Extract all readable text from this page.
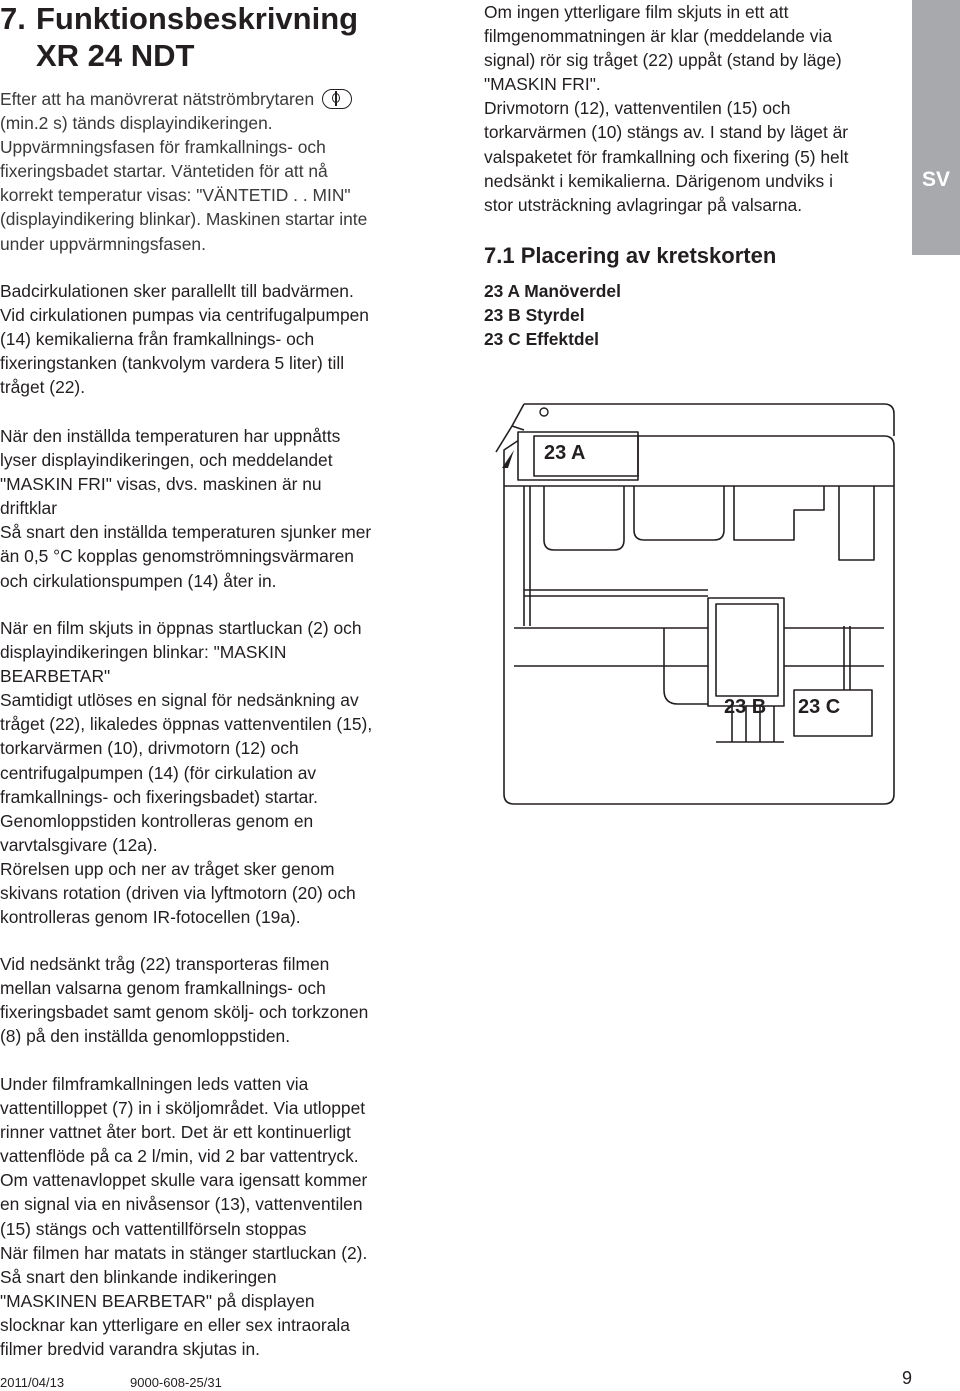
7. Funktionsbeskrivning
XR 24 NDT

Efter att ha manövrerat nätströmbrytaren
(min.2 s) tänds displayindikeringen.
Uppvärmningsfasen för framkallnings- och
fixeringsbadet startar. Väntetiden för att nå
korrekt temperatur visas: "VÄNTETID . . MIN"
(displayindikering blinkar). Maskinen startar inte
under uppvärmningsfasen.

Badcirkulationen sker parallellt till badvärmen.
Vid cirkulationen pumpas via centrifugalpumpen
(14) kemikalierna från framkallnings- och
fixeringstanken (tankvolym vardera 5 liter) till
tråget (22).

När den inställda temperaturen har uppnåtts
lyser displayindikeringen, och meddelandet
"MASKIN FRI" visas, dvs. maskinen är nu
driftklar
Så snart den inställda temperaturen sjunker mer
än 0,5 °C kopplas genomströmningsvärmaren
och cirkulationspumpen (14) åter in.

När en film skjuts in öppnas startluckan (2) och
displayindikeringen blinkar: "MASKIN
BEARBETAR"
Samtidigt utlöses en signal för nedsänkning av
tråget (22), likaledes öppnas vattenventilen (15),
torkarvärmen (10), drivmotorn (12) och
centrifugalpumpen (14) (för cirkulation av
framkallnings- och fixeringsbadet) startar.
Genomloppstiden kontrolleras genom en
varvtalsgivare (12a).
Rörelsen upp och ner av tråget sker genom
skivans rotation (driven via lyftmotorn (20) och
kontrolleras genom IR-fotocellen (19a).

Vid nedsänkt tråg (22) transporteras filmen
mellan valsarna genom framkallnings- och
fixeringsbadet samt genom skölj- och torkzonen
(8) på den inställda genomloppstiden.

Under filmframkallningen leds vatten via
vattentilloppet (7) in i sköljområdet. Via utloppet
rinner vattnet åter bort. Det är ett kontinuerligt
vattenflöde på ca 2 l/min, vid 2 bar vattentryck.
Om vattenavloppet skulle vara igensatt kommer
en signal via en nivåsensor (13), vattenventilen
(15) stängs och vattentillförseln stoppas
När filmen har matats in stänger startluckan (2).
Så snart den blinkande indikeringen
"MASKINEN BEARBETAR" på displayen
slocknar kan ytterligare en eller sex intraorala
filmer bredvid varandra skjutas in.

Om ingen ytterligare film skjuts in ett att
filmgenommatningen är klar (meddelande via
signal) rör sig tråget (22) uppåt (stand by läge)
"MASKIN FRI".
Drivmotorn (12), vattenventilen (15) och
torkarvärmen (10) stängs av. I stand by läget är
valspaketet för framkallning och fixering (5) helt
nedsänkt i kemikalierna. Därigenom undviks i
stor utsträckning avlagringar på valsarna.

7.1 Placering av kretskorten
23 A Manöverdel
23 B Styrdel
23 C Effektdel
SV
23 A
23 B 23 C
2011/04/13	9000-608-25/31	9
